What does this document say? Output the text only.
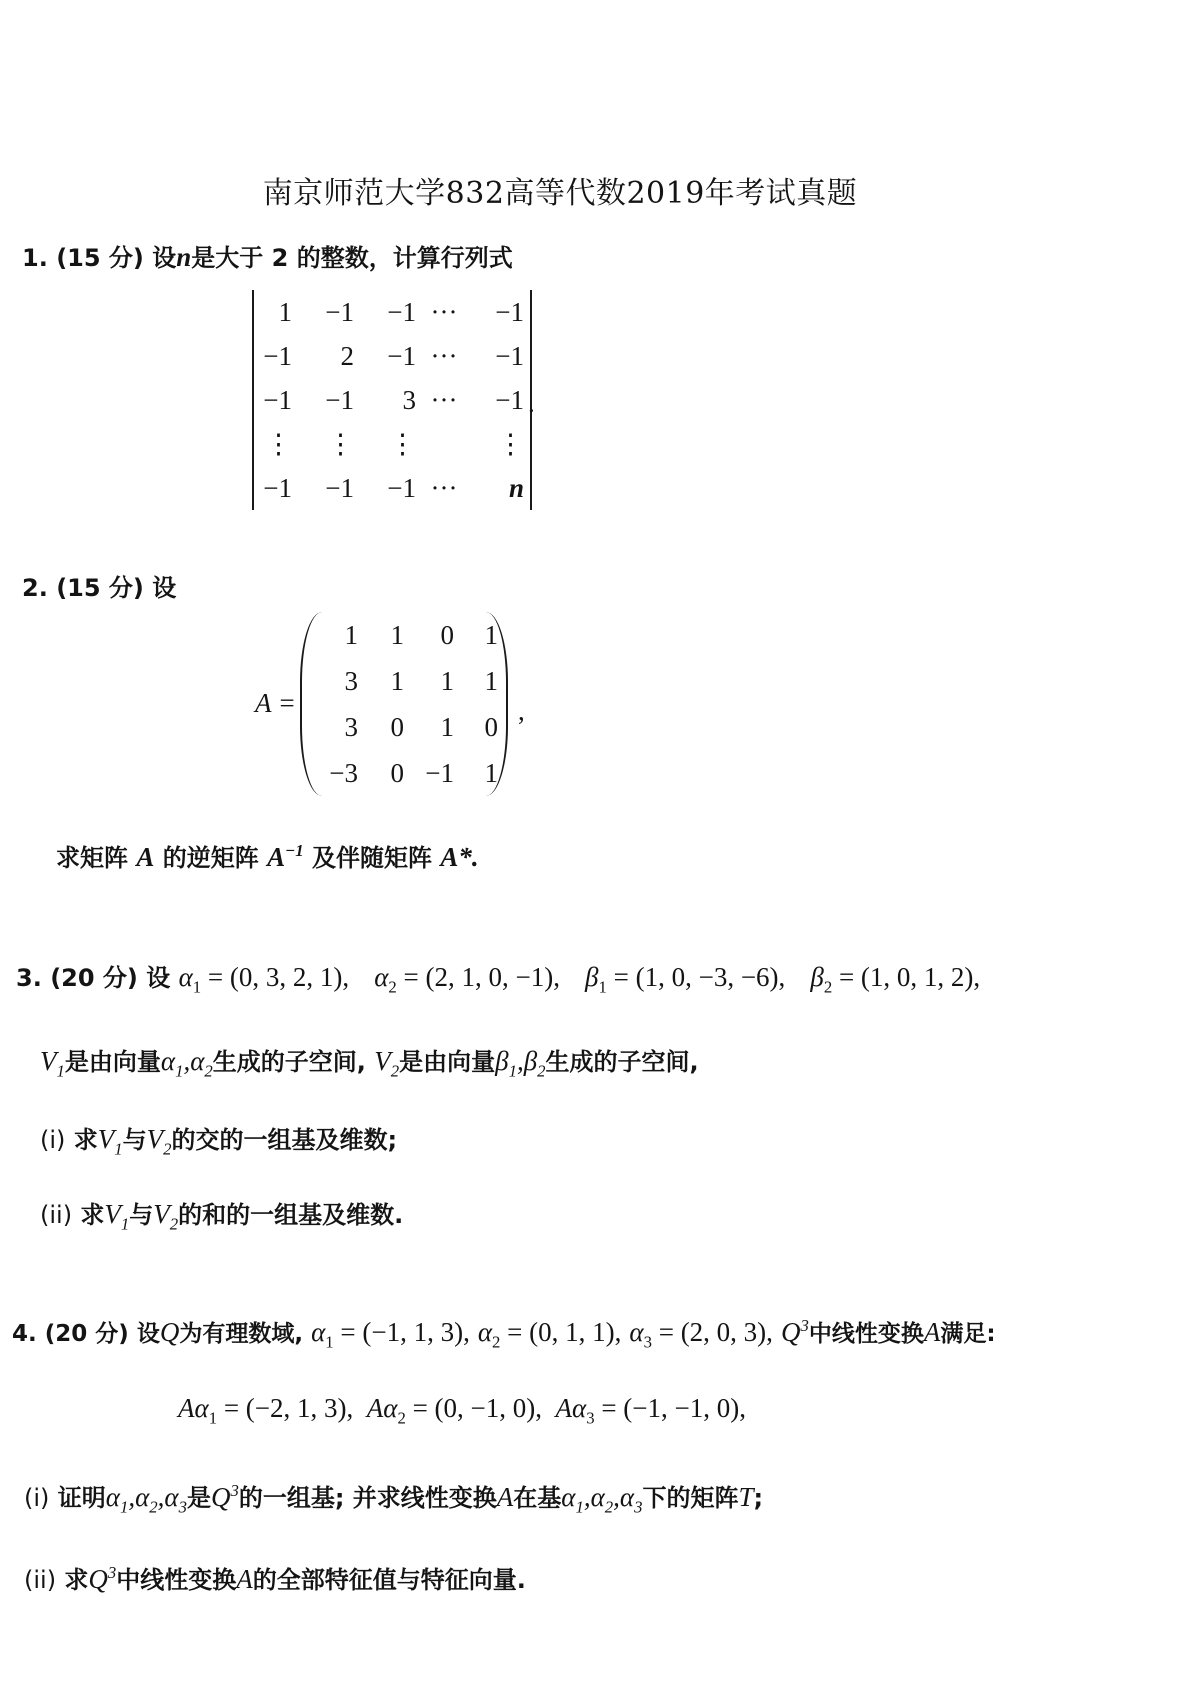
南京师范大学832高等代数2019年考试真题
1. (15 分) 设n是大于 2 的整数，计算行列式
1	−1	−1	···	−1
−1	2	−1	···	−1
−1	−1	3	···	−1
⋮	⋮	⋮		⋮
−1	−1	−1	···	n
.
2. (15 分) 设
A =
1	1	0	1
3	1	1	1
3	0	1	0
−3	0	−1	1
,
求矩阵 A 的逆矩阵 $A^{-1}$ 及伴随矩阵 A*.
3. (20 分) 设 $\alpha_1 = (0$, 3, 2, 1), $\alpha_2 = (2$, 1, 0, −1), $\beta_1 = (1$, 0, −3, −6), $\beta_2 = (1$, 0, 1, 2),
$V_1$是由向量$\alpha_1,\alpha_2$生成的子空间, $V_2$是由向量$\beta_1,\beta_2$生成的子空间,
(i) 求$V_1$与$V_2$的交的一组基及维数;
(ii) 求$V_1$与$V_2$的和的一组基及维数.
4. (20 分) 设Q为有理数域, $\alpha_1 = (-1$, 1, 3), $\alpha_2 = (0$, 1, 1), $\alpha_3 = (2$, 0, 3), $Q^3$中线性变换A满足:
$A\alpha_1 = (-2$, 1, 3), $A\alpha_2 = (0$, −1, 0), $A\alpha_3 = (-1$, −1, 0),
(i) 证明$\alpha_1,\alpha_2,\alpha_3$是$Q^3$的一组基; 并求线性变换A在基$\alpha_1,\alpha_2,\alpha_3$下的矩阵T;
(ii) 求$Q^3$中线性变换A的全部特征值与特征向量.
